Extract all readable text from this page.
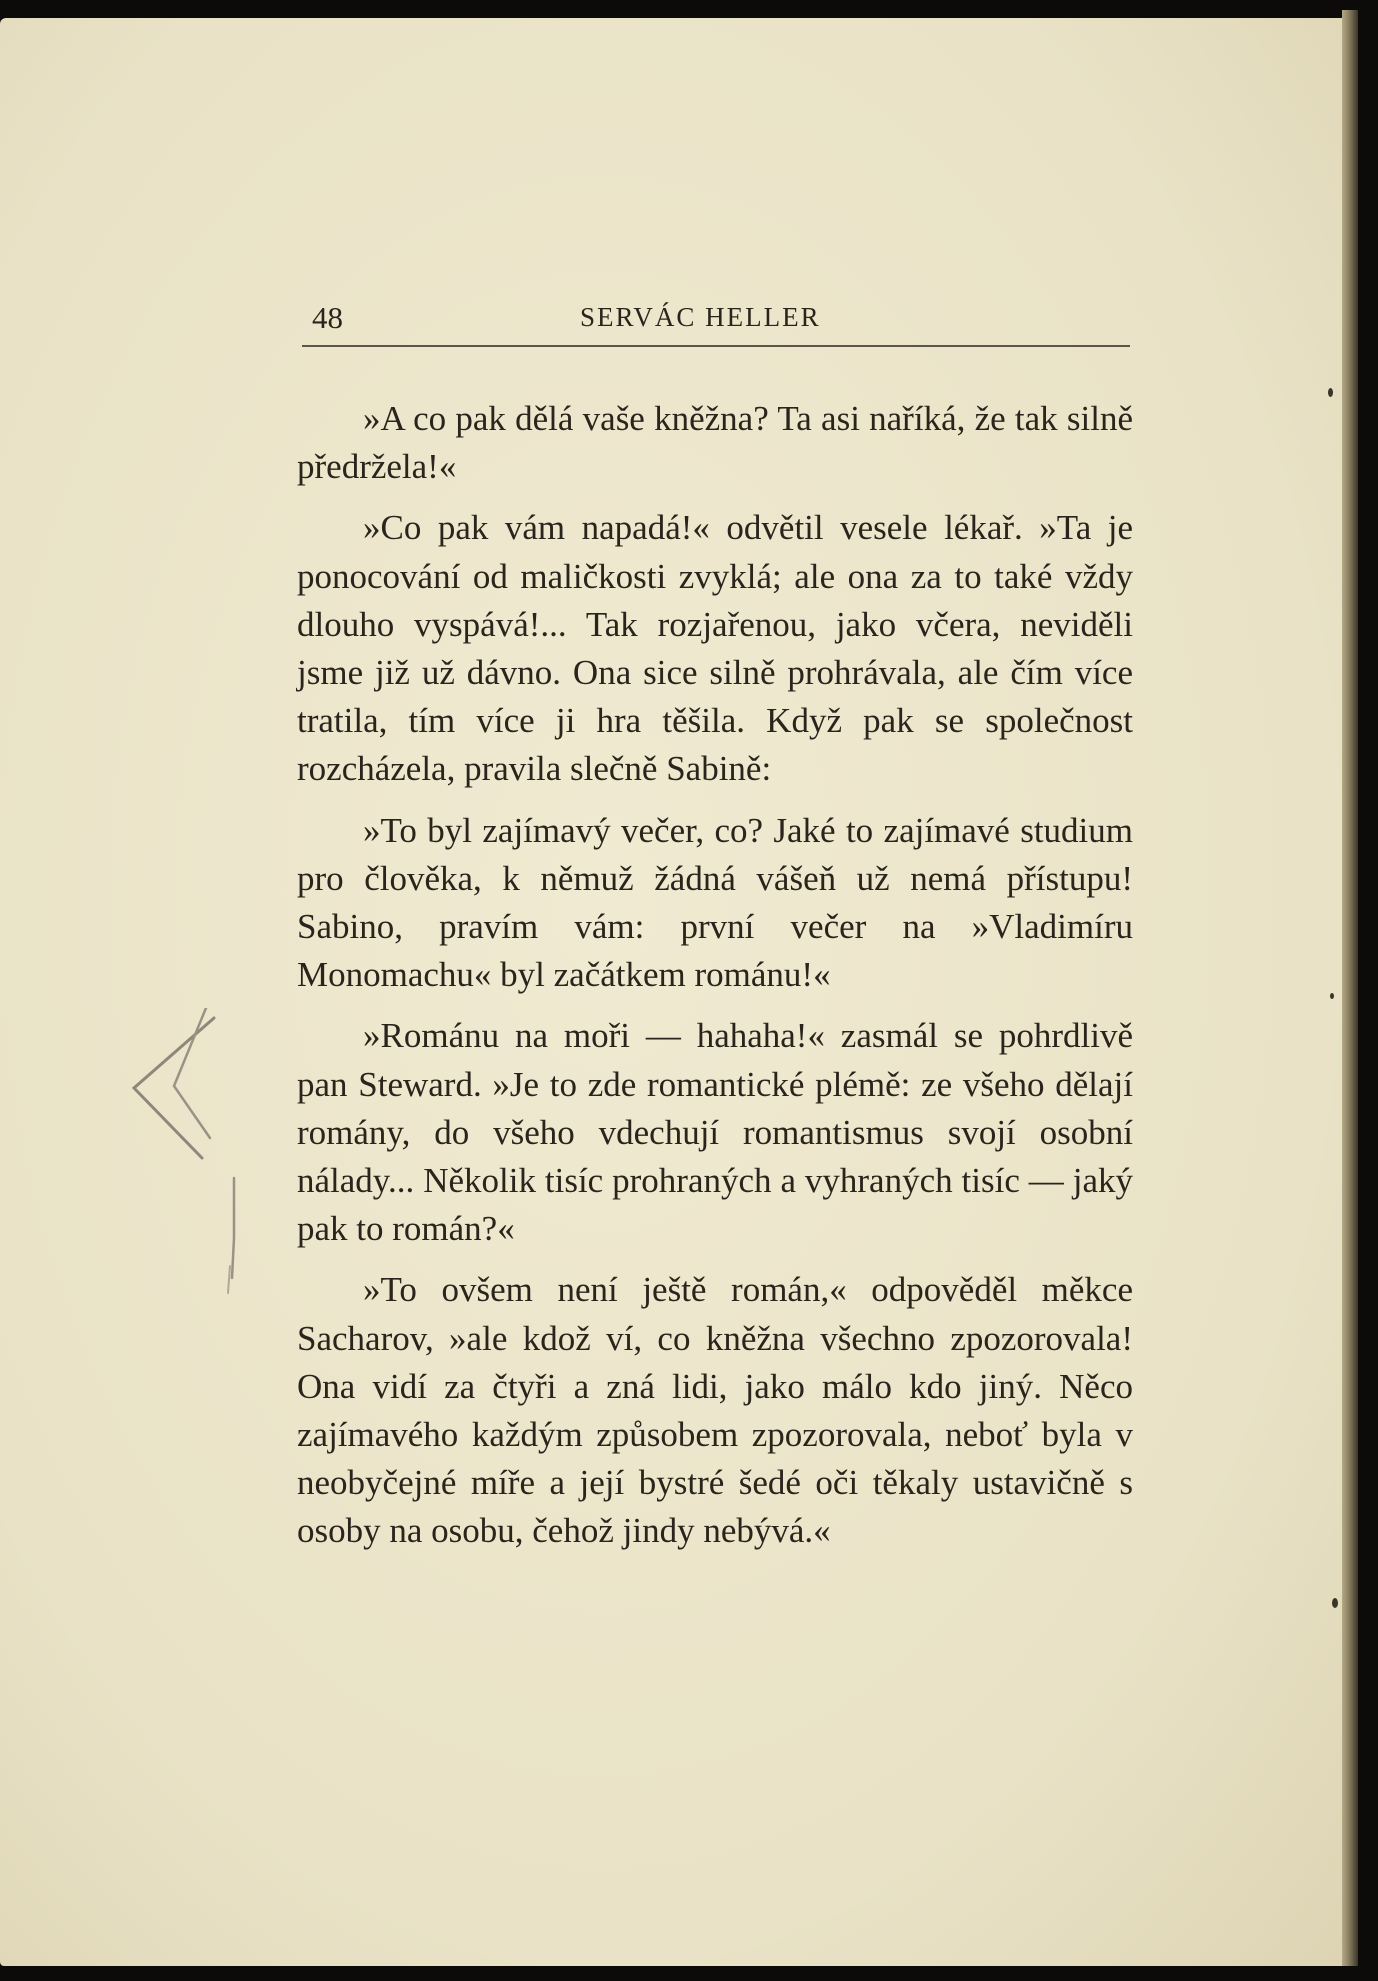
48	SERVÁC HELLER

»A co pak dělá vaše kněžna? Ta asi naříká, že tak silně předržela!«

»Co pak vám napadá!« odvětil vesele lékař. »Ta je ponocování od maličkosti zvyklá; ale ona za to také vždy dlouho vyspává!... Tak rozjařenou, jako včera, neviděli jsme již už dávno. Ona sice silně prohrávala, ale čím více tratila, tím více ji hra těšila. Když pak se společnost rozcházela, pravila slečně Sabině:

»To byl zajímavý večer, co? Jaké to zajímavé studium pro člověka, k němuž žádná vášeň už nemá přístupu! Sabino, pravím vám: první večer na »Vladimíru Monomachu« byl začátkem románu!«

»Románu na moři — hahaha!« zasmál se pohrdlivě pan Steward. »Je to zde romantické plémě: ze všeho dělají romány, do všeho vdechují romantismus svojí osobní nálady... Několik tisíc prohraných a vyhraných tisíc — jaký pak to román?«

»To ovšem není ještě román,« odpověděl měkce Sacharov, »ale kdož ví, co kněžna všechno zpozorovala! Ona vidí za čtyři a zná lidi, jako málo kdo jiný. Něco zajímavého každým způsobem zpozorovala, neboť byla v neobyčejné míře a její bystré šedé oči těkaly ustavičně s osoby na osobu, čehož jindy nebývá.«
